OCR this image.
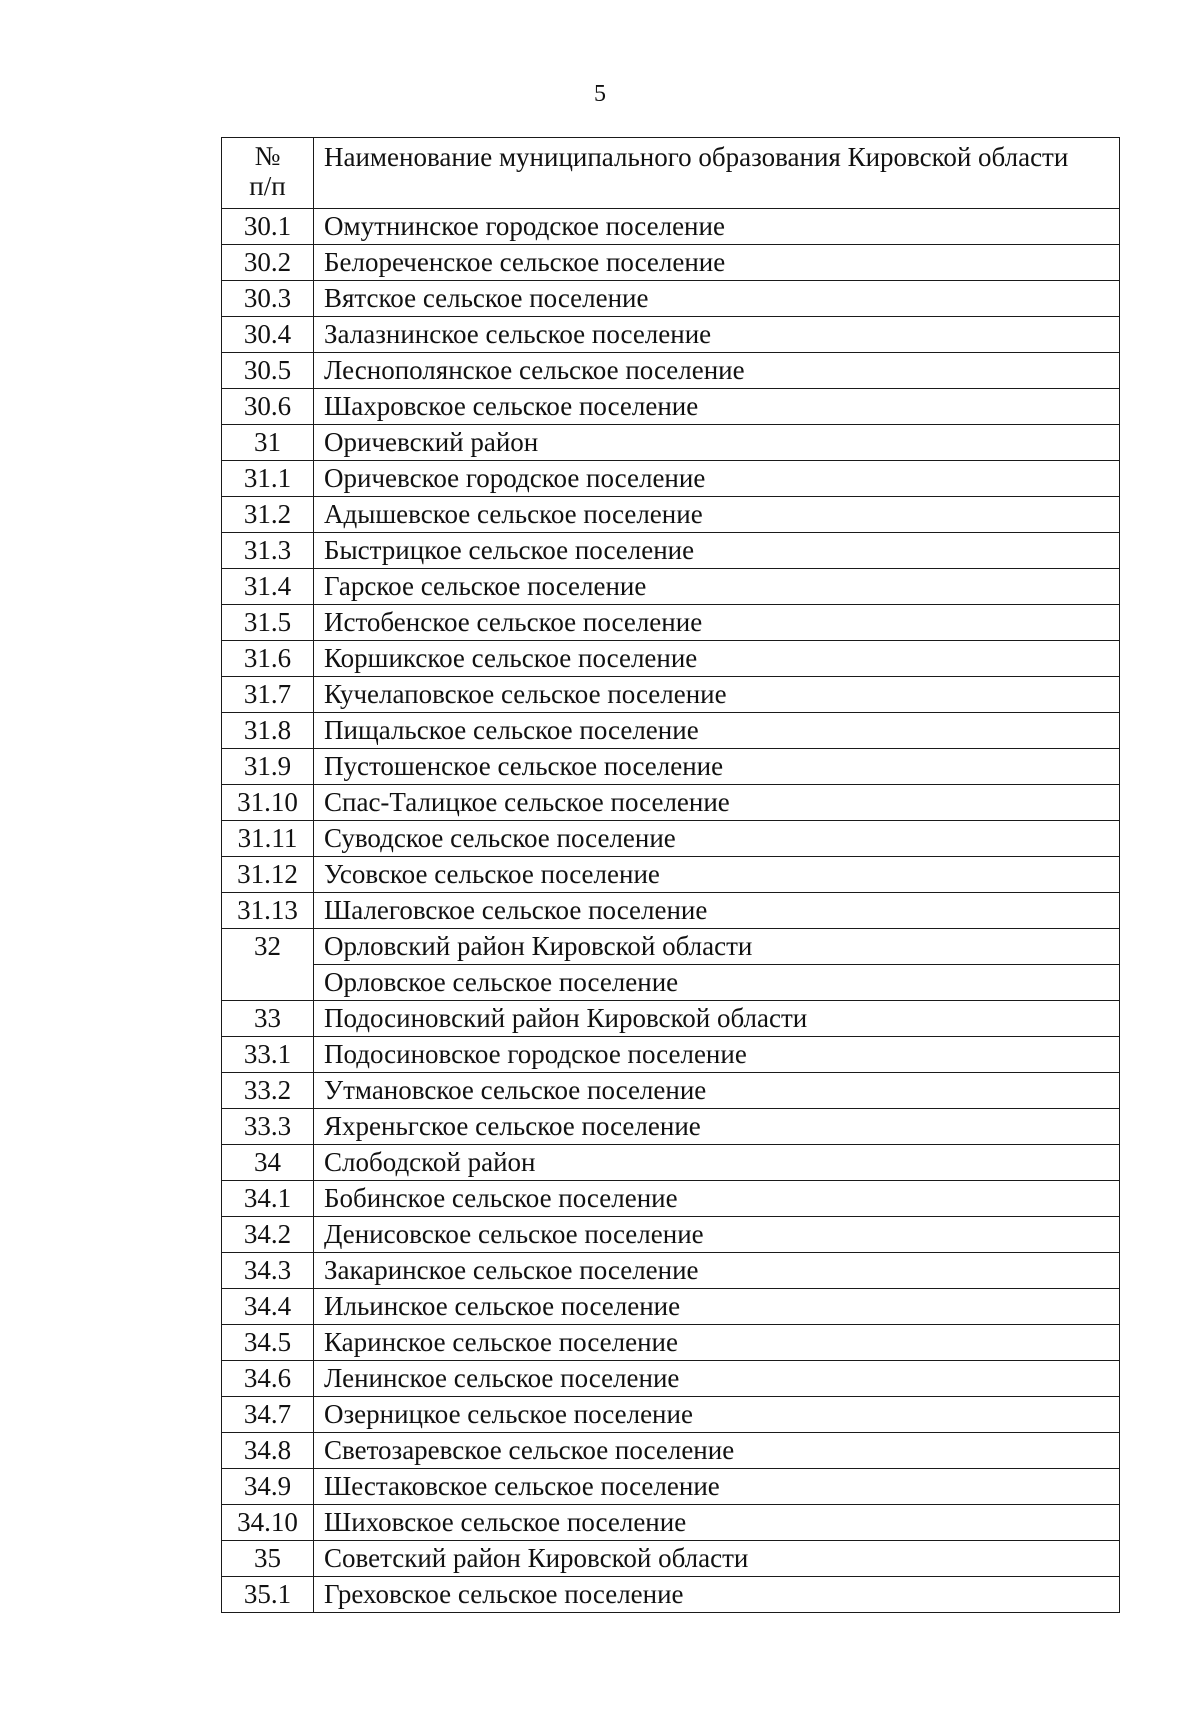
5
№
п/п	Наименование муниципального образования Кировской области
30.1	Омутнинское городское поселение
30.2	Белореченское сельское поселение
30.3	Вятское сельское поселение
30.4	Залазнинское сельское поселение
30.5	Леснополянское сельское поселение
30.6	Шахровское сельское поселение
31	Оричевский район
31.1	Оричевское городское поселение
31.2	Адышевское сельское поселение
31.3	Быстрицкое сельское поселение
31.4	Гарское сельское поселение
31.5	Истобенское сельское поселение
31.6	Коршикское сельское поселение
31.7	Кучелаповское сельское поселение
31.8	Пищальское сельское поселение
31.9	Пустошенское сельское поселение
31.10	Спас-Талицкое сельское поселение
31.11	Суводское сельское поселение
31.12	Усовское сельское поселение
31.13	Шалеговское сельское поселение
32	Орловский район Кировской области
	Орловское сельское поселение
33	Подосиновский район Кировской области
33.1	Подосиновское городское поселение
33.2	Утмановское сельское поселение
33.3	Яхреньгское сельское поселение
34	Слободской район
34.1	Бобинское сельское поселение
34.2	Денисовское сельское поселение
34.3	Закаринское сельское поселение
34.4	Ильинское сельское поселение
34.5	Каринское сельское поселение
34.6	Ленинское сельское поселение
34.7	Озерницкое сельское поселение
34.8	Светозаревское сельское поселение
34.9	Шестаковское сельское поселение
34.10	Шиховское сельское поселение
35	Советский район Кировской области
35.1	Греховское сельское поселение
